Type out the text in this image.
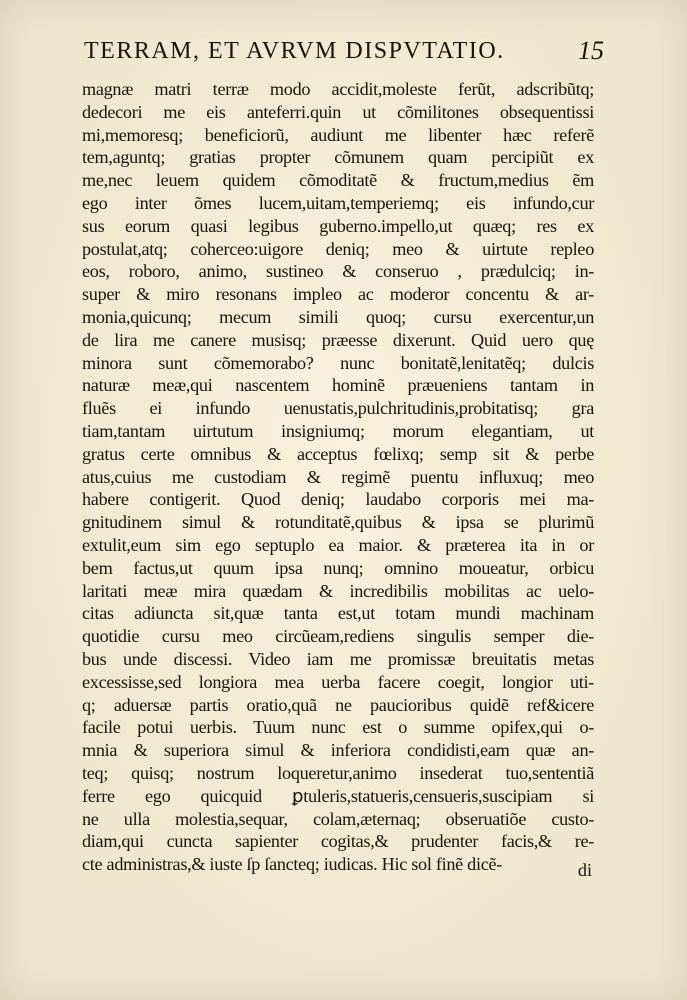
TERRAM, ET AVRVM DISPVTATIO.	15
magnæ matri terræ modo accidit,moleste ferũt, adscribũtq;
dedecori me eis anteferri.quin ut cõmilitones obsequentissi
mi,memoresq; beneficiorũ, audiunt me libenter hæc referẽ
tem,aguntq; gratias propter cõmunem quam percipiũt ex
me,nec leuem quidem cõmoditatẽ & fructum,medius ẽm
ego inter õmes lucem,uitam,temperiemq; eis infundo,cur
sus eorum quasi legibus guberno.impello,ut quæq; res ex
postulat,atq; coherceo:uigore deniq; meo & uirtute repleo
eos, roboro, animo, sustineo & conseruo , prædulciq; in-
super & miro resonans impleo ac moderor concentu & ar-
monia,quicunq; mecum simili quoq; cursu exercentur,un
de lira me canere musisq; præesse dixerunt. Quid uero quę
minora sunt cõmemorabo? nunc bonitatẽ,lenitatẽq; dulcis
naturæ meæ,qui nascentem hominẽ præueniens tantam in
fluẽs ei infundo uenustatis,pulchritudinis,probitatisq; gra
tiam,tantam uirtutum insigniumq; morum elegantiam, ut
gratus certe omnibus & acceptus fœlixq; semp sit & perbe
atus,cuius me custodiam & regimẽ puentu influxuq; meo
habere contigerit. Quod deniq; laudabo corporis mei ma-
gnitudinem simul & rotunditatẽ,quibus & ipsa se plurimũ
extulit,eum sim ego septuplo ea maior. & præterea ita in or
bem factus,ut quum ipsa nunq; omnino moueatur, orbicu
laritati meæ mira quædam & incredibilis mobilitas ac uelo-
citas adiuncta sit,quæ tanta est,ut totam mundi machinam
quotidie cursu meo circũeam,rediens singulis semper die-
bus unde discessi. Video iam me promissæ breuitatis metas
excessisse,sed longiora mea uerba facere coegit, longior uti-
q; aduersæ partis oratio,quã ne paucioribus quidẽ ref&icere
facile potui uerbis. Tuum nunc est o summe opifex,qui o-
mnia & superiora simul & inferiora condidisti,eam quæ an-
teq; quisq; nostrum loqueretur,animo insederat tuo,sententiã
ferre ego quicquid ꝑtuleris,statueris,censueris,suscipiam si
ne ulla molestia,sequar, colam,æternaq; obseruatiõe custo-
diam,qui cuncta sapienter cogitas,& prudenter facis,& re-
cte administras,& iuste ſp ſancteq; iudicas. Hic sol finẽ dicẽ-	di
